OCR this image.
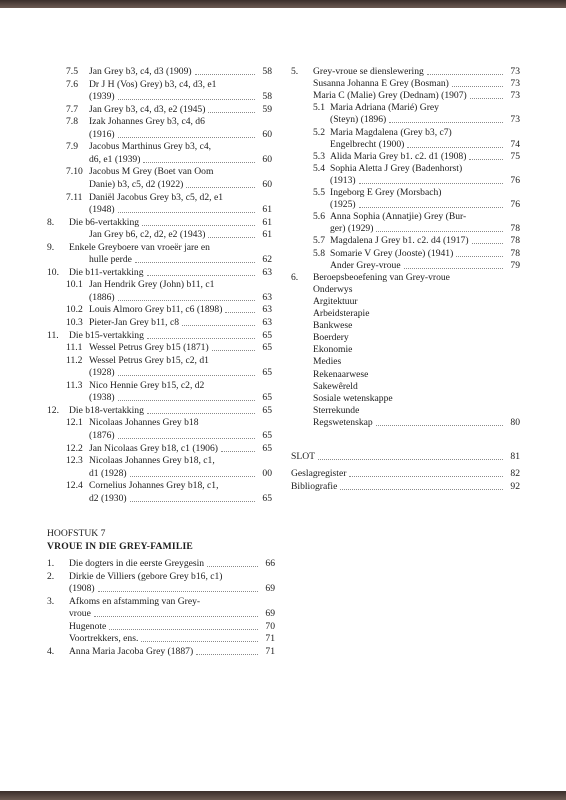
7.5	Jan Grey b3, c4, d3 (1909)	58
7.6	Dr J H (Vos) Grey) b3, c4, d3, e1
(1939)	58
7.7	Jan Grey b3, c4, d3, e2 (1945)	59
7.8	Izak Johannes Grey b3, c4, d6
(1916)	60
7.9	Jacobus Marthinus Grey b3, c4,
d6, e1 (1939)	60
7.10 Jacobus M Grey (Boet van Oom
Danie) b3, c5, d2 (1922)	60
7.11 Daniël Jacobus Grey b3, c5, d2, e1
(1948)	61
8.	Die b6-vertakking	61
Jan Grey b6, c2, d2, e2 (1943)	61
9.	Enkele Greyboere van vroeër jare en
hulle perde	62
10.	Die b11-vertakking	63
10.1 Jan Hendrik Grey (John) b11, c1
(1886)	63
10.2 Louis Almoro Grey b11, c6 (1898)	63
10.3 Pieter-Jan Grey b11, c8	63
11.	Die b15-vertakking	65
11.1 Wessel Petrus Grey b15 (1871)	65
11.2 Wessel Petrus Grey b15, c2, d1
(1928)	65
11.3 Nico Hennie Grey b15, c2, d2
(1938)	65
12.	Die b18-vertakking	65
12.1 Nicolaas Johannes Grey b18
(1876)	65
12.2 Jan Nicolaas Grey b18, c1 (1906)	65
12.3 Nicolaas Johannes Grey b18, c1,
d1 (1928)	00
12.4 Cornelius Johannes Grey b18, c1,
d2 (1930)	65
HOOFSTUK 7
VROUE IN DIE GREY-FAMILIE
1.	Die dogters in die eerste Greygesin	66
2.	Dirkie de Villiers (gebore Grey b16, c1)
(1908)	69
3.	Afkoms en afstamming van Grey-
vroue	69
Hugenote	70
Voortrekkers, ens.	71
4.	Anna Maria Jacoba Grey (1887)	71
5.	Grey-vroue se dienslewering	73
Susanna Johanna E Grey (Bosman)	73
Maria C (Malie) Grey (Dednam) (1907)	73
5.1 Maria Adriana (Marié) Grey
(Steyn) (1896)	73
5.2 Maria Magdalena (Grey b3, c7)
Engelbrecht (1900)	74
5.3 Alida Maria Grey b1. c2. d1 (1908)	75
5.4 Sophia Aletta J Grey (Badenhorst)
(1913)	76
5.5 Ingeborg E Grey (Morsbach)
(1925)	76
5.6 Anna Sophia (Annatjie) Grey (Bur-
ger) (1929)	78
5.7 Magdalena J Grey b1. c2. d4 (1917)	78
5.8 Somarie V Grey (Jooste) (1941)	78
Ander Grey-vroue	79
6.	Beroepsbeoefening van Grey-vroue
Onderwys
Argitektuur
Arbeidsterapie
Bankwese
Boerdery
Ekonomie
Medies
Rekenaarwese
Sakewêreld
Sosiale wetenskappe
Sterrekunde
Regswetenskap	80
SLOT	81
Geslagregister	82
Bibliografie	92
